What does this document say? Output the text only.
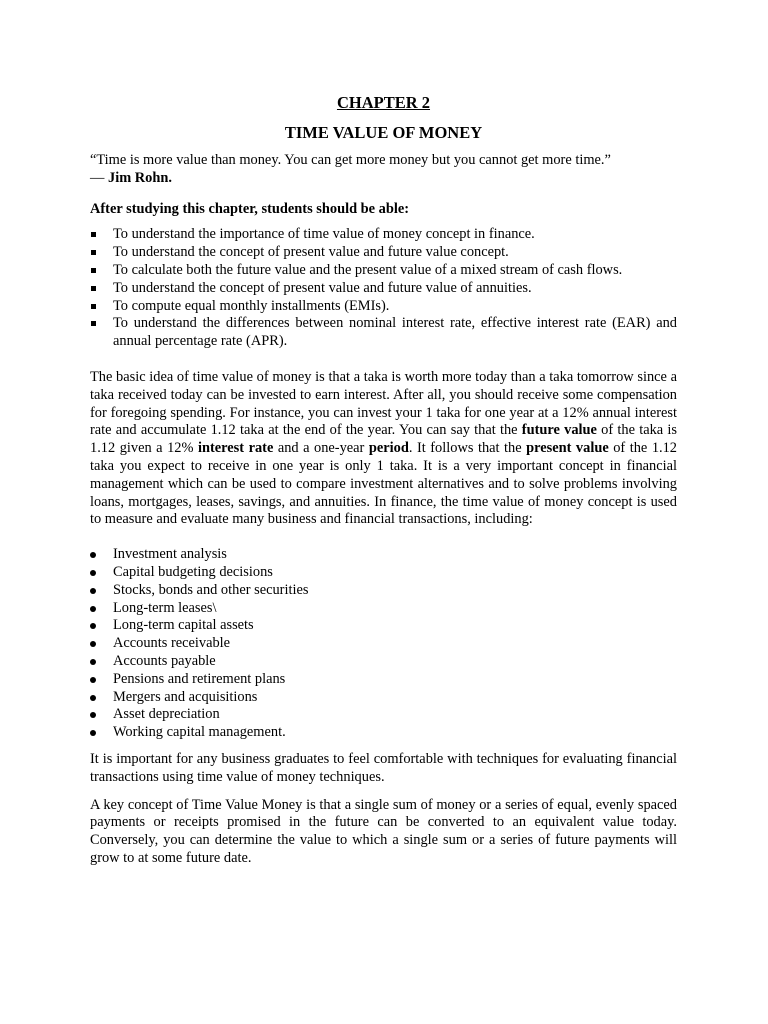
CHAPTER 2

TIME VALUE OF MONEY

“Time is more value than money. You can get more money but you cannot get more time.”

— Jim Rohn.

After studying this chapter, students should be able:

To understand the importance of time value of money concept in finance.
To understand the concept of present value and future value concept.
To calculate both the future value and the present value of a mixed stream of cash flows.
To understand the concept of present value and future value of annuities.
To compute equal monthly installments (EMIs).
To understand the differences between nominal interest rate, effective interest rate (EAR) and annual percentage rate (APR).

The basic idea of time value of money is that a taka is worth more today than a taka tomorrow since a taka received today can be invested to earn interest. After all, you should receive some compensation for foregoing spending. For instance, you can invest your 1 taka for one year at a 12% annual interest rate and accumulate 1.12 taka at the end of the year. You can say that the future value of the taka is 1.12 given a 12% interest rate and a one-year period. It follows that the present value of the 1.12 taka you expect to receive in one year is only 1 taka. It is a very important concept in financial management which can be used to compare investment alternatives and to solve problems involving loans, mortgages, leases, savings, and annuities. In finance, the time value of money concept is used to measure and evaluate many business and financial transactions, including:

Investment analysis
Capital budgeting decisions
Stocks, bonds and other securities
Long-term leases\
Long-term capital assets
Accounts receivable
Accounts payable
Pensions and retirement plans
Mergers and acquisitions
Asset depreciation
Working capital management.

It is important for any business graduates to feel comfortable with techniques for evaluating financial transactions using time value of money techniques.

A key concept of Time Value Money is that a single sum of money or a series of equal, evenly spaced payments or receipts promised in the future can be converted to an equivalent value today. Conversely, you can determine the value to which a single sum or a series of future payments will grow to at some future date.
